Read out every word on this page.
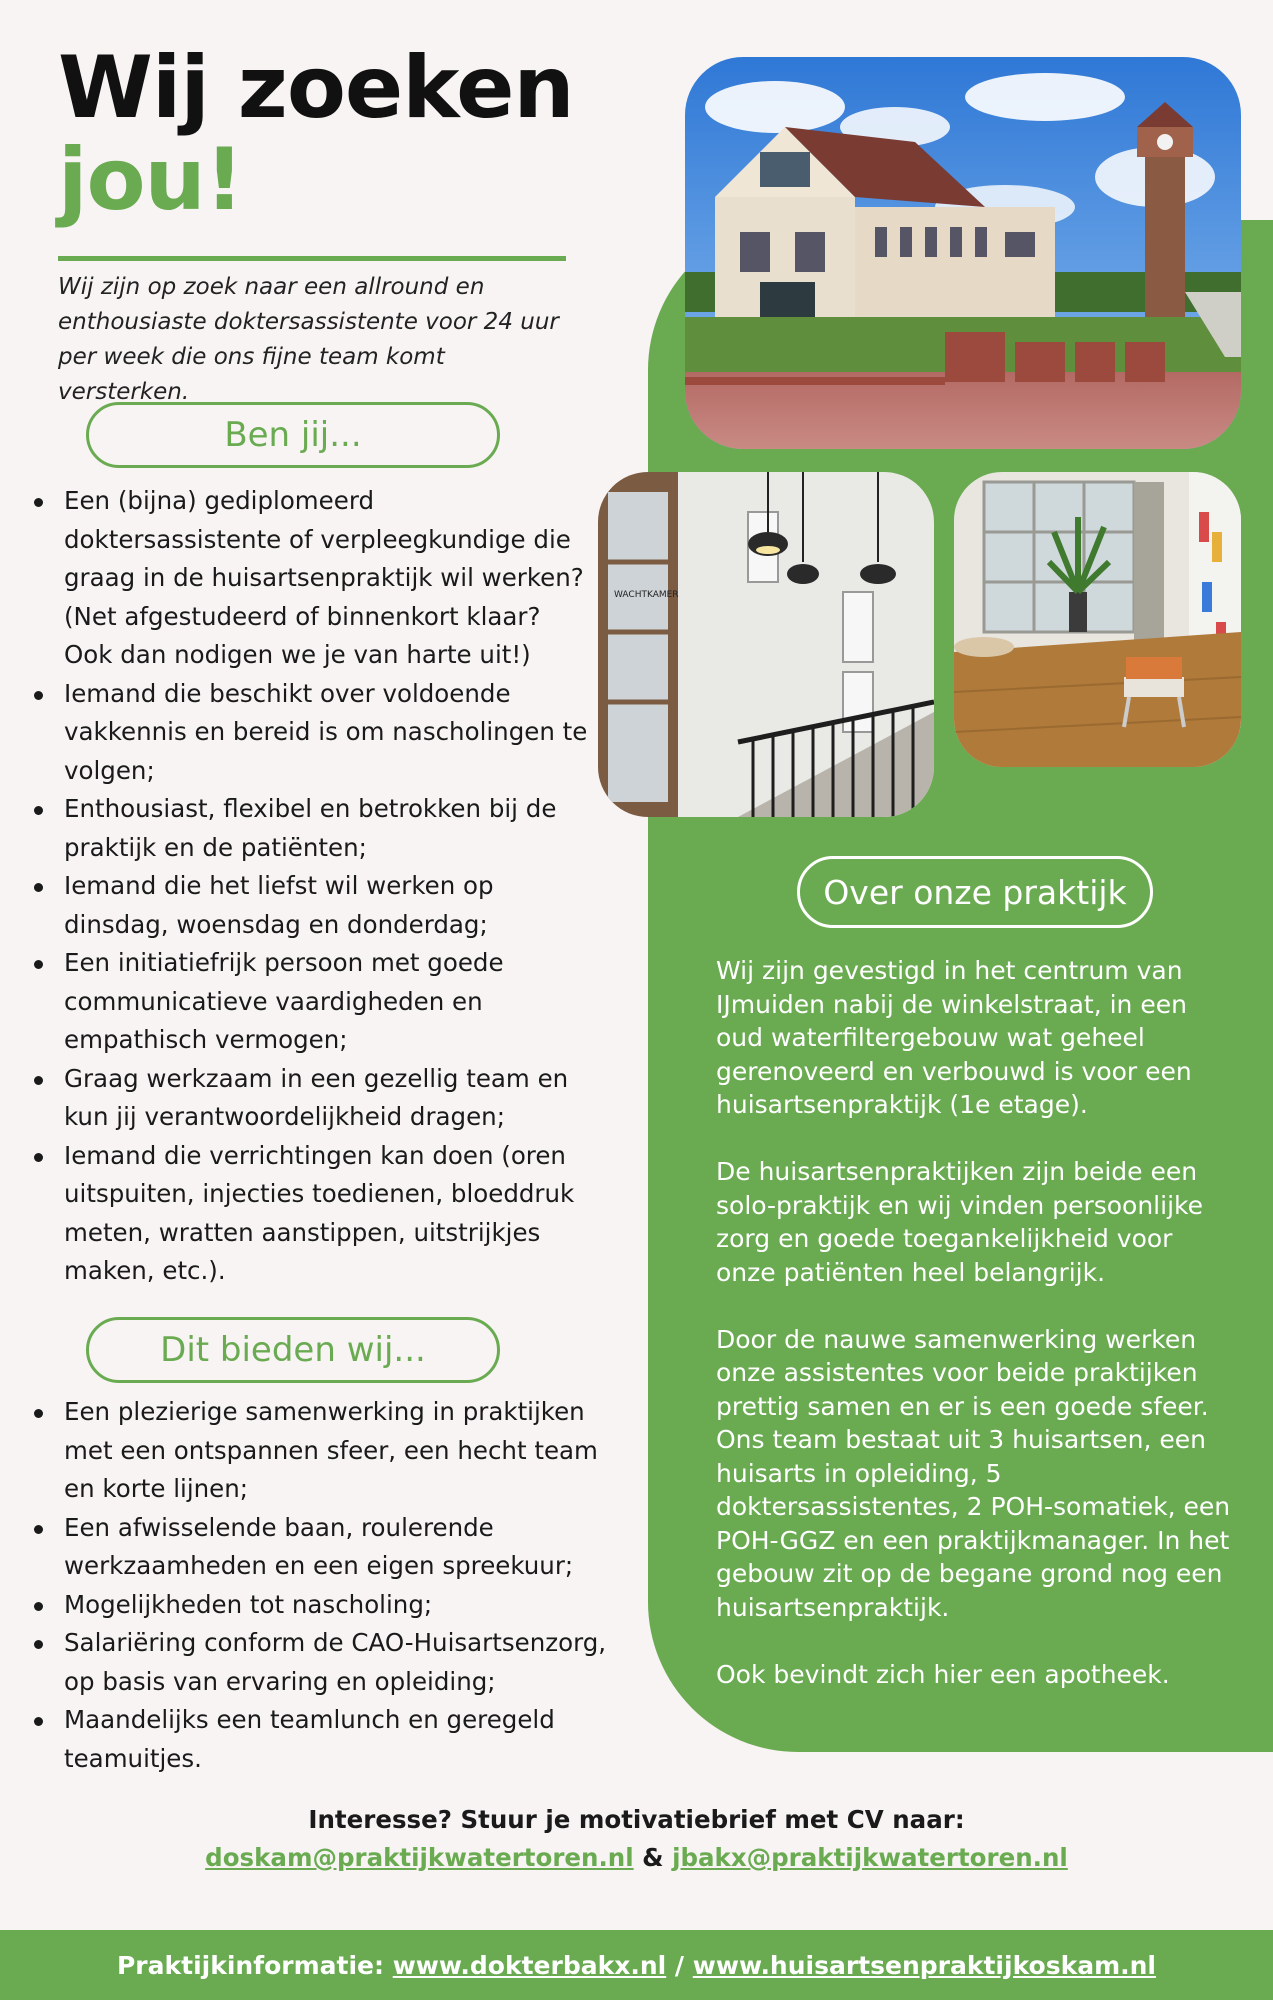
Wij zoeken
jou!

Wij zijn op zoek naar een allround en enthousiaste doktersassistente voor 24 uur per week die ons fijne team komt versterken.

Ben jij...
Een (bijna) gediplomeerd doktersassistente of verpleegkundige die graag in de huisartsenpraktijk wil werken? (Net afgestudeerd of binnenkort klaar? Ook dan nodigen we je van harte uit!)
Iemand die beschikt over voldoende vakkennis en bereid is om nascholingen te volgen;
Enthousiast, flexibel en betrokken bij de praktijk en de patiënten;
Iemand die het liefst wil werken op dinsdag, woensdag en donderdag;
Een initiatiefrijk persoon met goede communicatieve vaardigheden en empathisch vermogen;
Graag werkzaam in een gezellig team en kun jij verantwoordelijkheid dragen;
Iemand die verrichtingen kan doen (oren uitspuiten, injecties toedienen, bloeddruk meten, wratten aanstippen, uitstrijkjes maken, etc.).
Dit bieden wij...
Een plezierige samenwerking in praktijken met een ontspannen sfeer, een hecht team en korte lijnen;
Een afwisselende baan, roulerende werkzaamheden en een eigen spreekuur;
Mogelijkheden tot nascholing;
Salariëring conform de CAO-Huisartsenzorg, op basis van ervaring en opleiding;
Maandelijks een teamlunch en geregeld teamuitjes.
WACHTKAMER
Over onze praktijk

Wij zijn gevestigd in het centrum van IJmuiden nabij de winkelstraat, in een oud waterfiltergebouw wat geheel gerenoveerd en verbouwd is voor een huisartsenpraktijk (1e etage).

De huisartsenpraktijken zijn beide een solo-praktijk en wij vinden persoonlijke zorg en goede toegankelijkheid voor onze patiënten heel belangrijk.

Door de nauwe samenwerking werken onze assistentes voor beide praktijken prettig samen en er is een goede sfeer. Ons team bestaat uit 3 huisartsen, een huisarts in opleiding, 5 doktersassistentes, 2 POH-somatiek, een POH-GGZ en een praktijkmanager. In het gebouw zit op de begane grond nog een huisartsenpraktijk.

Ook bevindt zich hier een apotheek.

Interesse? Stuur je motivatiebrief met CV naar:
doskam@praktijkwatertoren.nl & jbakx@praktijkwatertoren.nl
Praktijkinformatie: www.dokterbakx.nl / www.huisartsenpraktijkoskam.nl
